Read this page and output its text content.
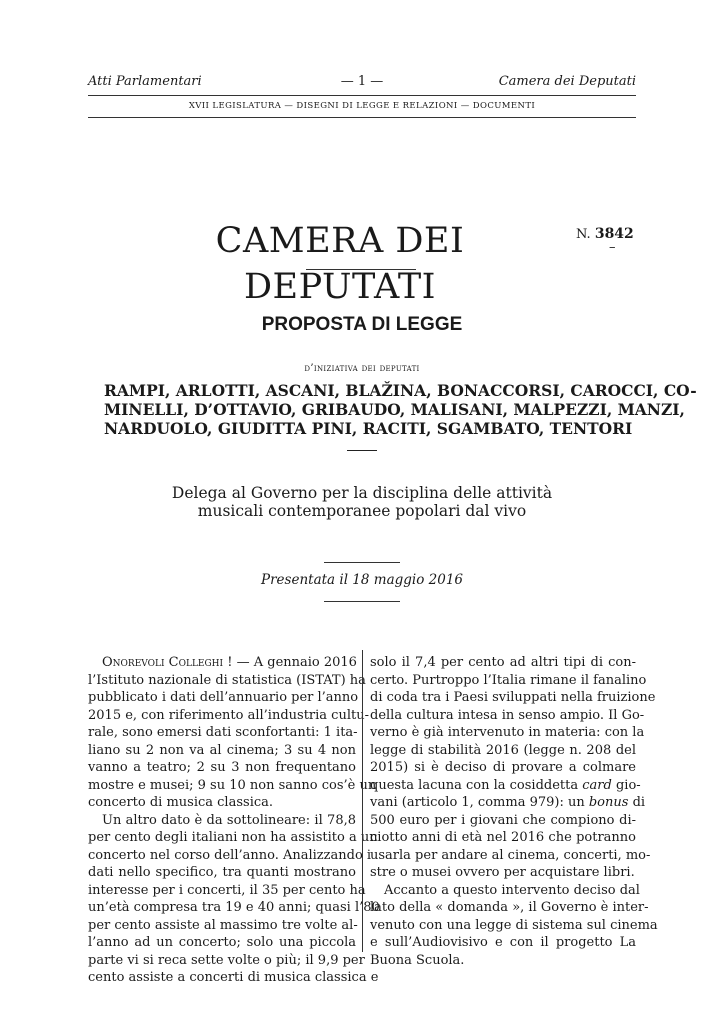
Atti Parlamentari	— 1 —	Camera dei Deputati
XVII LEGISLATURA — DISEGNI DI LEGGE E RELAZIONI — DOCUMENTI
CAMERA DEI DEPUTATI
N. 3842
–
PROPOSTA DI LEGGE
d’iniziativa dei deputati
RAMPI, ARLOTTI, ASCANI, BLAŽINA, BONACCORSI, CAROCCI, CO-
MINELLI, D’OTTAVIO, GRIBAUDO, MALISANI, MALPEZZI, MANZI,
NARDUOLO, GIUDITTA PINI, RACITI, SGAMBATO, TENTORI
Delega al Governo per la disciplina delle attività
musicali contemporanee popolari dal vivo
Presentata il 18 maggio 2016
Onorevoli Colleghi ! — A gennaio 2016
l’Istituto nazionale di statistica (ISTAT) ha
pubblicato i dati dell’annuario per l’anno
2015 e, con riferimento all’industria cultu-
rale, sono emersi dati sconfortanti: 1 ita-
liano su 2 non va al cinema; 3 su 4 non
vanno a teatro; 2 su 3 non frequentano
mostre e musei; 9 su 10 non sanno cos’è un
concerto di musica classica.
Un altro dato è da sottolineare: il 78,8
per cento degli italiani non ha assistito a un
concerto nel corso dell’anno. Analizzando i
dati nello specifico, tra quanti mostrano
interesse per i concerti, il 35 per cento ha
un’età compresa tra 19 e 40 anni; quasi l’80
per cento assiste al massimo tre volte al-
l’anno ad un concerto; solo una piccola
parte vi si reca sette volte o più; il 9,9 per
cento assiste a concerti di musica classica e
solo il 7,4 per cento ad altri tipi di con-
certo. Purtroppo l’Italia rimane il fanalino
di coda tra i Paesi sviluppati nella fruizione
della cultura intesa in senso ampio. Il Go-
verno è già intervenuto in materia: con la
legge di stabilità 2016 (legge n. 208 del
2015) si è deciso di provare a colmare
questa lacuna con la cosiddetta card gio-
vani (articolo 1, comma 979): un bonus di
500 euro per i giovani che compiono di-
ciotto anni di età nel 2016 che potranno
usarla per andare al cinema, concerti, mo-
stre o musei ovvero per acquistare libri.
Accanto a questo intervento deciso dal
lato della « domanda », il Governo è inter-
venuto con una legge di sistema sul cinema
e sull’Audiovisivo e con il progetto La
Buona Scuola.
